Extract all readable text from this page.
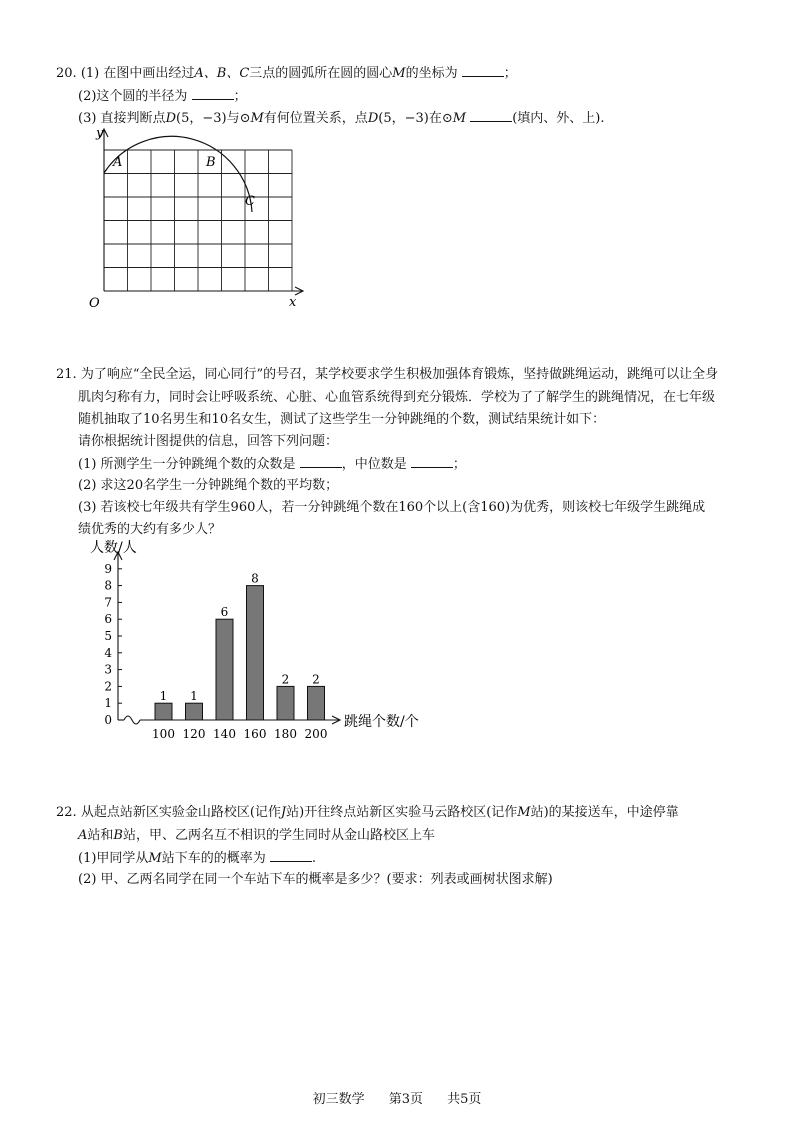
20. (1) 在图中画出经过A、B、C三点的圆弧所在圆的圆心M的坐标为	；
(2)这个圆的半径为	；
(3) 直接判断点D(5，−3)与⊙M有何位置关系，点D(5，−3)在⊙M	(填内、外、上).
y
x
O
A	B
C
21. 为了响应“全民全运，同心同行”的号召，某学校要求学生积极加强体育锻炼，坚持做跳绳运动，跳绳可以让全身
肌肉匀称有力，同时会让呼吸系统、心脏、心血管系统得到充分锻炼．学校为了了解学生的跳绳情况，在七年级
随机抽取了10名男生和10名女生，测试了这些学生一分钟跳绳的个数，测试结果统计如下：
请你根据统计图提供的信息，回答下列问题：
(1) 所测学生一分钟跳绳个数的众数是	，中位数是	；
(2) 求这20名学生一分钟跳绳个数的平均数；
(3) 若该校七年级共有学生960人，若一分钟跳绳个数在160个以上(含160)为优秀，则该校七年级学生跳绳成
绩优秀的大约有多少人？
0
1
2
3
4
5
6
7
8
9
人数/人
跳绳个数/个
1
100
1
120
6
140
8
160
2
180
2
200
22. 从起点站新区实验金山路校区(记作J站)开往终点站新区实验马云路校区(记作M站)的某接送车，中途停靠
A站和B站，甲、乙两名互不相识的学生同时从金山路校区上车
(1)甲同学从M站下车的的概率为	.
(2) 甲、乙两名同学在同一个车站下车的概率是多少？(要求：列表或画树状图求解)
初三数学 第3页 共5页
